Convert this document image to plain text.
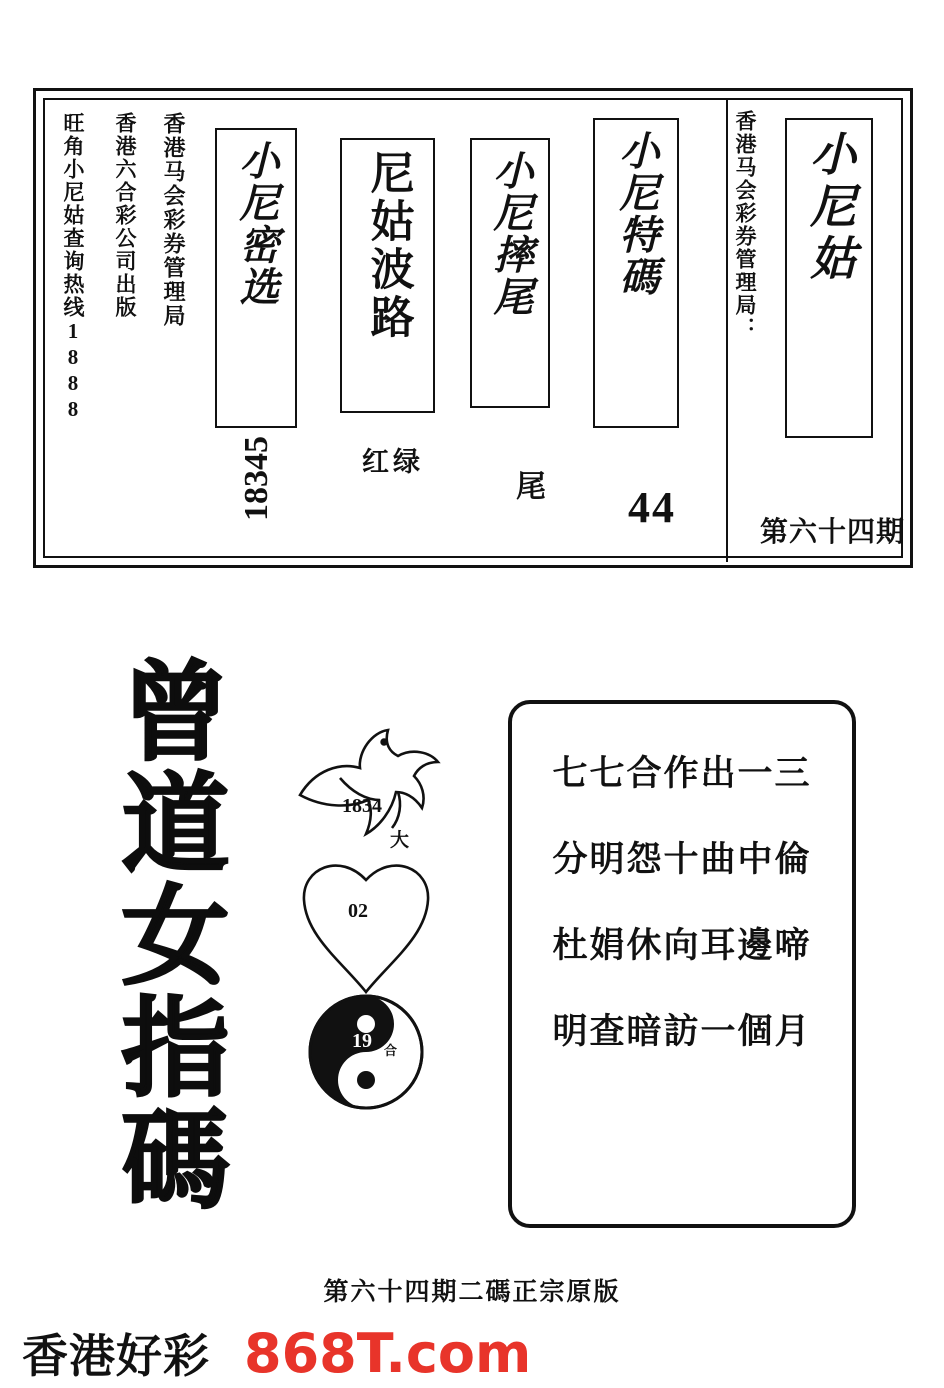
旺角小尼姑查询热线1888 香港六合彩公司出版 香港马会彩券管理局 小尼密选
18345
尼姑波路
红绿
小尼摔尾
尾
小尼特碼
44
香港马会彩券管理局： 小尼姑
第六十四期
曾道女指碼	1834
大
02
19 合
七七合作出一三
分明怨十曲中倫
杜娟休向耳邊啼
明查暗訪一個月
第六十四期二碼正宗原版
香港好彩 868T.com
